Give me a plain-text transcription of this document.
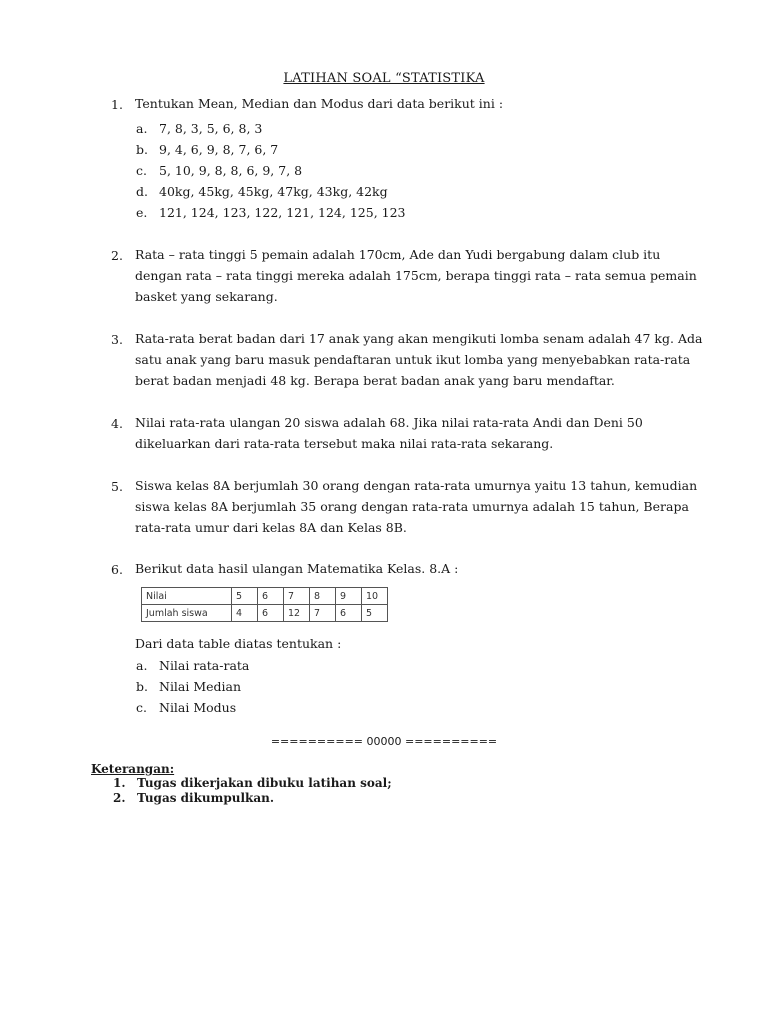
LATIHAN SOAL “STATISTIKA
1. Tentukan Mean, Median dan Modus dari data berikut ini :
a. 7, 8, 3, 5, 6, 8, 3
b. 9, 4, 6, 9, 8, 7, 6, 7
c. 5, 10, 9, 8, 8, 6, 9, 7, 8
d. 40kg, 45kg, 45kg, 47kg, 43kg, 42kg
e. 121, 124, 123, 122, 121, 124, 125, 123
2. Rata – rata tinggi 5 pemain adalah 170cm, Ade dan Yudi bergabung dalam club itu
dengan rata – rata tinggi mereka adalah 175cm, berapa tinggi rata – rata semua pemain
basket yang sekarang.
3. Rata-rata berat badan dari 17 anak yang akan mengikuti lomba senam adalah 47 kg. Ada
satu anak yang baru masuk pendaftaran untuk ikut lomba yang menyebabkan rata-rata
berat badan menjadi 48 kg. Berapa berat badan anak yang baru mendaftar.
4. Nilai rata-rata ulangan 20 siswa adalah 68. Jika nilai rata-rata Andi dan Deni 50
dikeluarkan dari rata-rata tersebut maka nilai rata-rata sekarang.
5. Siswa kelas 8A berjumlah 30 orang dengan rata-rata umurnya yaitu 13 tahun, kemudian
siswa kelas 8A berjumlah 35 orang dengan rata-rata umurnya adalah 15 tahun, Berapa
rata-rata umur dari kelas 8A dan Kelas 8B.
6. Berikut data hasil ulangan Matematika Kelas. 8.A :
Nilai	5	6	7	8	9	10
Jumlah siswa	4	6	12	7	6	5
Dari data table diatas tentukan :
a. Nilai rata-rata
b. Nilai Median
c. Nilai Modus
========== 00000 ==========
Keterangan:
1. Tugas dikerjakan dibuku latihan soal;
2. Tugas dikumpulkan.
